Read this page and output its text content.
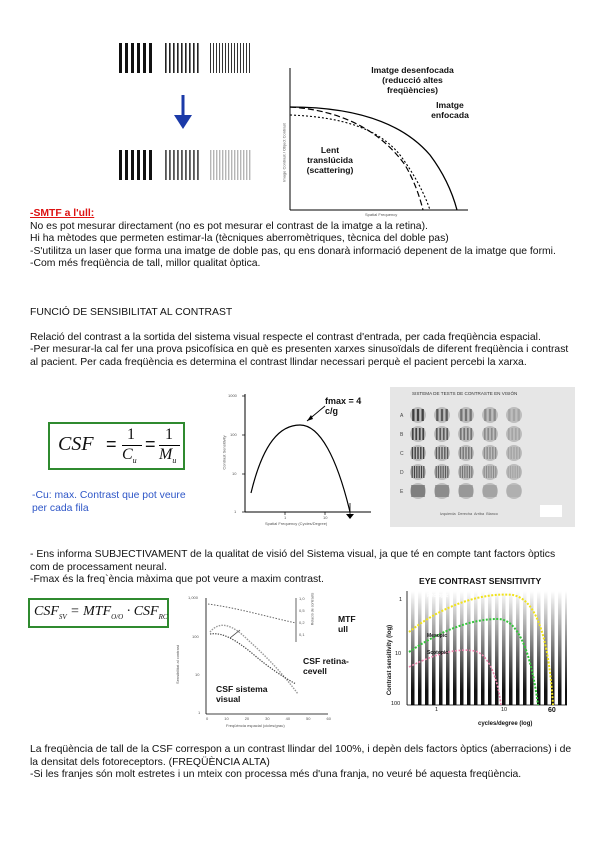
Imatge desenfocada (reducció altes freqüències)
Imatge enfocada
Lent translúcida (scattering)
Spatial Frequency
Image Contrast / Object Contrast
-SMTF a l'ull:
No es pot mesurar directament (no es pot mesurar el contrast de la imatge a la retina).
Hi ha mètodes que permeten estimar-la (tècniques aberromètriques, tècnica del doble pas)
-S'utilitza un laser que forma una imatge de doble pas, qu ens donarà informació depenent de la imatge que formi.
-Com més freqüència de tall, millor qualitat òptica.
FUNCIÓ DE SENSIBILITAT AL CONTRAST
Relació del contrast a la sortida del sistema visual respecte el contrast d'entrada, per cada freqüència espacial.
-Per mesurar-la cal fer una prova psicofísica en què es presenten xarxes sinusoïdals de diferent freqüència i contrast al pacient. Per cada freqüència es determina el contrast llindar necessari perquè el pacient percebi la xarxa.
CSF = 1
$C_u$
= 1
$M_u$
-Cu: max. Contrast que pot veure per cada fila
fmax = 4 c/g
1000
100
10
1
1	10
Spatial Frequency (Cycles/Degree)
Contrast Sensitivity
SISTEMA DE TESTS DE CONTRASTE EN VISIÓN
A
B
C
D
E
Izquierda Derecha Arriba Blanco
- Ens informa SUBJECTIVAMENT de la qualitat de visió del Sistema visual, ja que té en compte tant factors òptics com de processament neural.
-Fmax és la freq`ència màxima que pot veure a maxim contrast.
$CSF_{SV} = MTF_{O/O} \cdot CSF_{RC}$
1,000
100
10
1
1,0
0,5
0,2
0,1
MTF ull
CSF retina-cevell
CSF sistema visual
0	10	20	30	40	50	60
Freqüència espacial (cicles/grau)
Sensibilitat al contrast
Relació de contrasts
EYE CONTRAST SENSITIVITY
Photopic
Mesopic
Scotopic
1
10
100
1	10	60
cycles/degree (log)
Contrast sensitivity (log)
La freqüència de tall de la CSF correspon a un contrast llindar del 100%, i depèn dels factors òptics (aberracions) i de la densitat dels fotoreceptors. (FREQÜÈNCIA ALTA)
-Si les franjes són molt estretes i un mteix con processa més d'una franja, no veuré bé aquesta freqüència.
